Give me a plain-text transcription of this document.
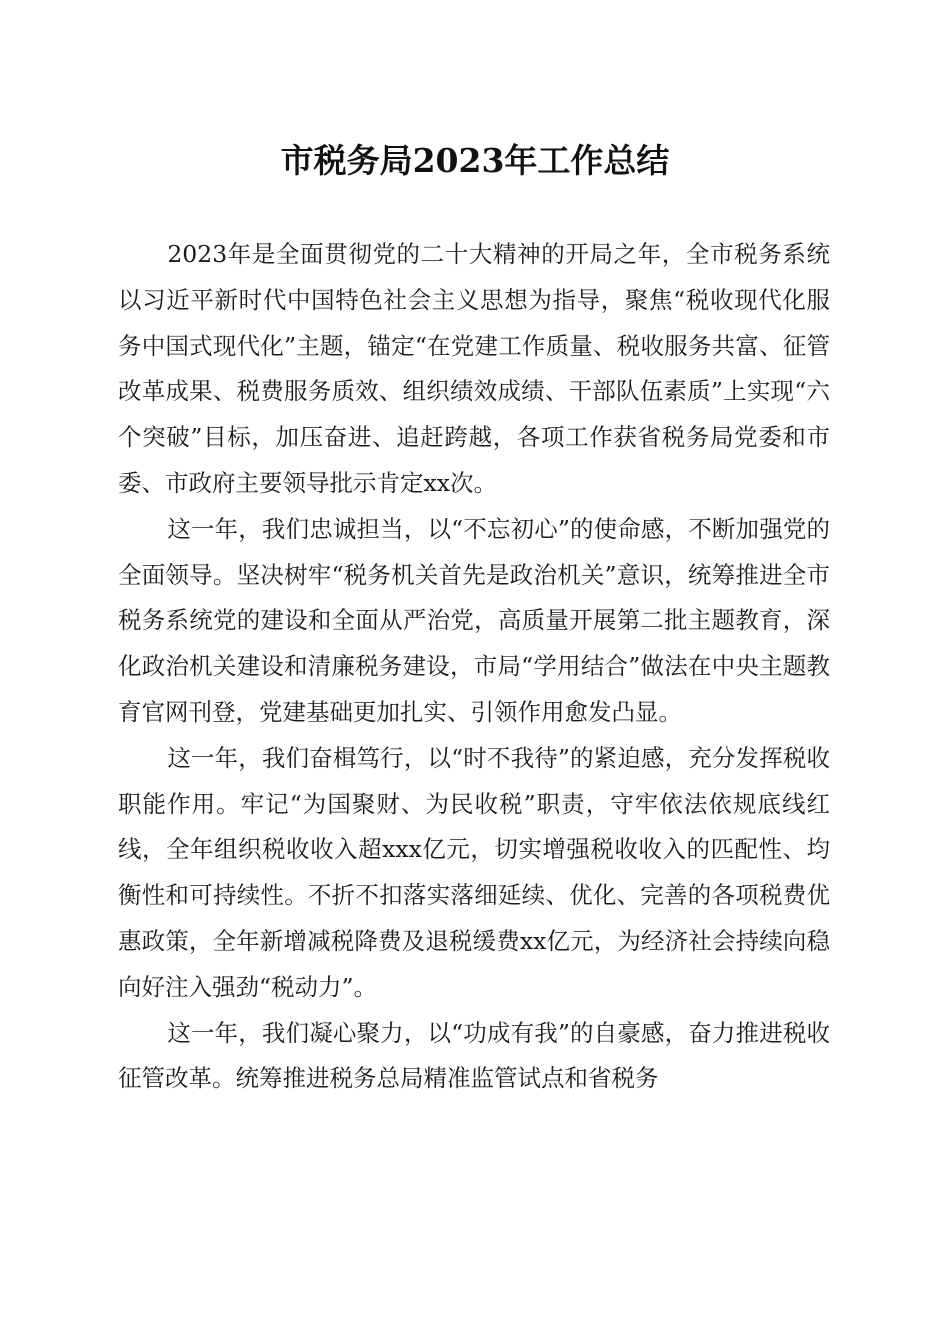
市税务局2023年工作总结

2023年是全面贯彻党的二十大精神的开局之年，全市税务系统以习近平新时代中国特色社会主义思想为指导，聚焦“税收现代化服务中国式现代化”主题，锚定“在党建工作质量、税收服务共富、征管改革成果、税费服务质效、组织绩效成绩、干部队伍素质”上实现“六个突破”目标，加压奋进、追赶跨越，各项工作获省税务局党委和市委、市政府主要领导批示肯定xx次。

这一年，我们忠诚担当，以“不忘初心”的使命感，不断加强党的全面领导。坚决树牢“税务机关首先是政治机关”意识，统筹推进全市税务系统党的建设和全面从严治党，高质量开展第二批主题教育，深化政治机关建设和清廉税务建设，市局“学用结合”做法在中央主题教育官网刊登，党建基础更加扎实、引领作用愈发凸显。

这一年，我们奋楫笃行，以“时不我待”的紧迫感，充分发挥税收职能作用。牢记“为国聚财、为民收税”职责，守牢依法依规底线红线，全年组织税收收入超xxx亿元，切实增强税收收入的匹配性、均衡性和可持续性。不折不扣落实落细延续、优化、完善的各项税费优惠政策，全年新增减税降费及退税缓费xx亿元，为经济社会持续向稳向好注入强劲“税动力”。

这一年，我们凝心聚力，以“功成有我”的自豪感，奋力推进税收征管改革。统筹推进税务总局精准监管试点和省税务
